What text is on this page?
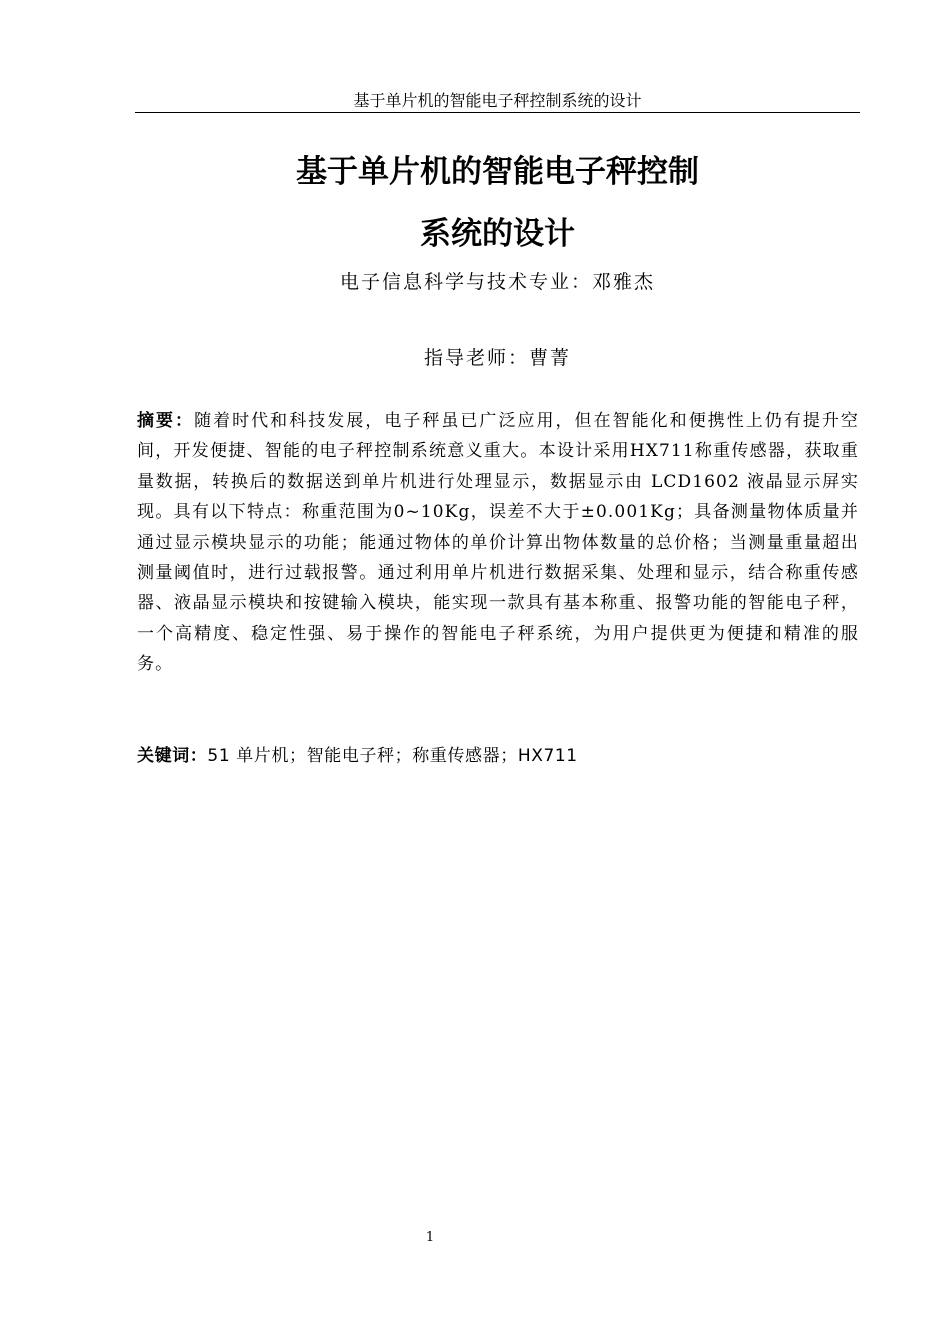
基于单片机的智能电子秤控制系统的设计
基于单片机的智能电子秤控制
系统的设计
电子信息科学与技术专业：邓雅杰
指导老师：曹菁
摘要：随着时代和科技发展，电子秤虽已广泛应用，但在智能化和便携性上仍有提升空间，开发便捷、智能的电子秤控制系统意义重大。本设计采用HX711称重传感器，获取重量数据，转换后的数据送到单片机进行处理显示，数据显示由 LCD1602 液晶显示屏实现。具有以下特点：称重范围为0~10Kg，误差不大于±0.001Kg；具备测量物体质量并通过显示模块显示的功能；能通过物体的单价计算出物体数量的总价格；当测量重量超出测量阈值时，进行过载报警。通过利用单片机进行数据采集、处理和显示，结合称重传感器、液晶显示模块和按键输入模块，能实现一款具有基本称重、报警功能的智能电子秤，一个高精度、稳定性强、易于操作的智能电子秤系统，为用户提供更为便捷和精准的服务。
关键词：51 单片机；智能电子秤；称重传感器；HX711
1
